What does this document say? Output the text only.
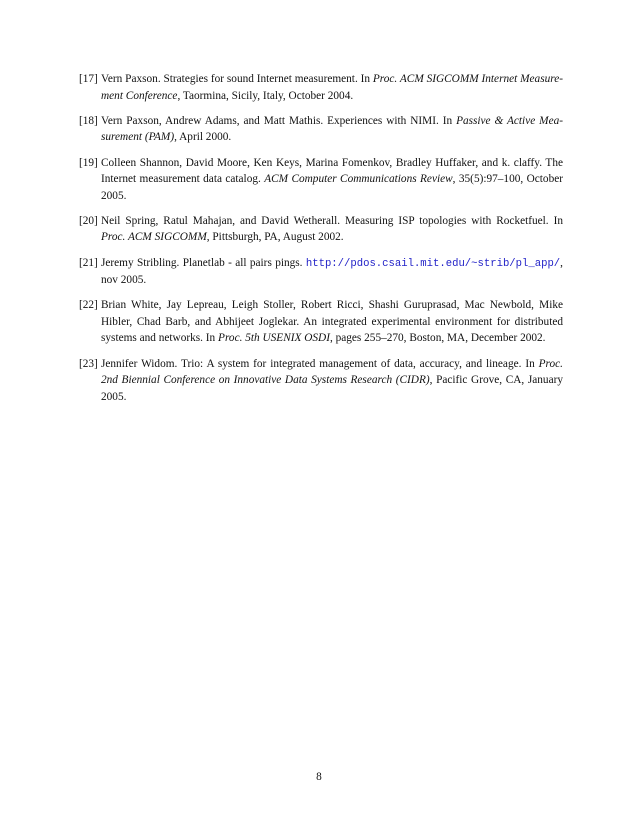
[17] Vern Paxson. Strategies for sound Internet measurement. In Proc. ACM SIGCOMM Internet Measure-ment Conference, Taormina, Sicily, Italy, October 2004.
[18] Vern Paxson, Andrew Adams, and Matt Mathis. Experiences with NIMI. In Passive & Active Mea-surement (PAM), April 2000.
[19] Colleen Shannon, David Moore, Ken Keys, Marina Fomenkov, Bradley Huffaker, and k. claffy. The Internet measurement data catalog. ACM Computer Communications Review, 35(5):97–100, October 2005.
[20] Neil Spring, Ratul Mahajan, and David Wetherall. Measuring ISP topologies with Rocketfuel. In Proc. ACM SIGCOMM, Pittsburgh, PA, August 2002.
[21] Jeremy Stribling. Planetlab - all pairs pings. http://pdos.csail.mit.edu/~strib/pl_app/, nov 2005.
[22] Brian White, Jay Lepreau, Leigh Stoller, Robert Ricci, Shashi Guruprasad, Mac Newbold, Mike Hibler, Chad Barb, and Abhijeet Joglekar. An integrated experimental environment for distributed systems and networks. In Proc. 5th USENIX OSDI, pages 255–270, Boston, MA, December 2002.
[23] Jennifer Widom. Trio: A system for integrated management of data, accuracy, and lineage. In Proc. 2nd Biennial Conference on Innovative Data Systems Research (CIDR), Pacific Grove, CA, January 2005.
8
